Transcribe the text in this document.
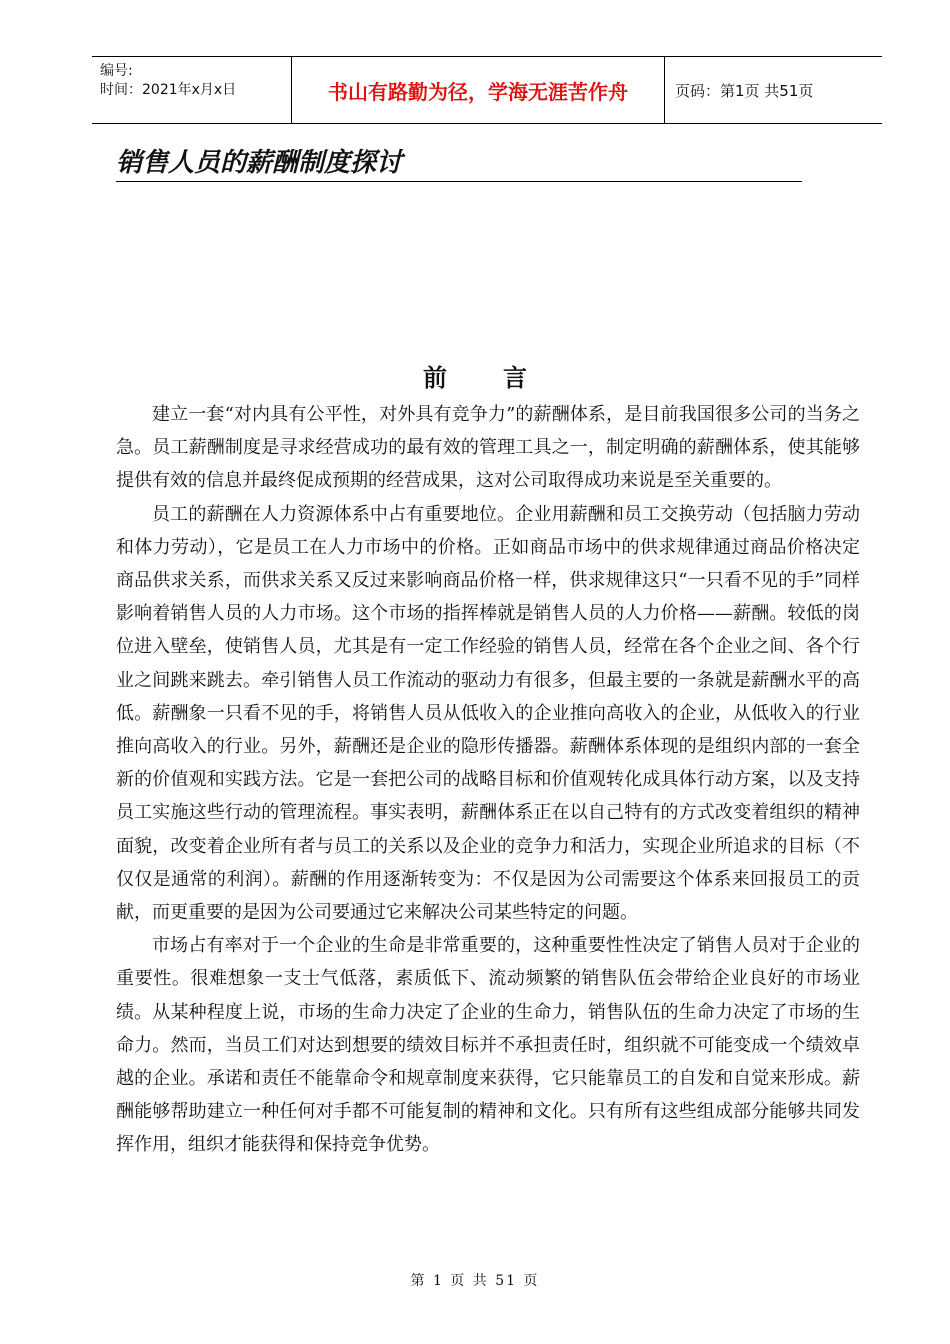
编号:
时间：2021年x月x日	书山有路勤为径，学海无涯苦作舟	页码：第1页 共51页
销售人员的薪酬制度探讨
前言

建立一套“对内具有公平性，对外具有竞争力”的薪酬体系，是目前我国很多公司的当务之急。员工薪酬制度是寻求经营成功的最有效的管理工具之一，制定明确的薪酬体系，使其能够提供有效的信息并最终促成预期的经营成果，这对公司取得成功来说是至关重要的。

员工的薪酬在人力资源体系中占有重要地位。企业用薪酬和员工交换劳动（包括脑力劳动和体力劳动），它是员工在人力市场中的价格。正如商品市场中的供求规律通过商品价格决定商品供求关系，而供求关系又反过来影响商品价格一样，供求规律这只“一只看不见的手”同样影响着销售人员的人力市场。这个市场的指挥棒就是销售人员的人力价格——薪酬。较低的岗位进入壁垒，使销售人员，尤其是有一定工作经验的销售人员，经常在各个企业之间、各个行业之间跳来跳去。牵引销售人员工作流动的驱动力有很多，但最主要的一条就是薪酬水平的高低。薪酬象一只看不见的手，将销售人员从低收入的企业推向高收入的企业，从低收入的行业推向高收入的行业。另外，薪酬还是企业的隐形传播器。薪酬体系体现的是组织内部的一套全新的价值观和实践方法。它是一套把公司的战略目标和价值观转化成具体行动方案，以及支持员工实施这些行动的管理流程。事实表明，薪酬体系正在以自己特有的方式改变着组织的精神面貌，改变着企业所有者与员工的关系以及企业的竞争力和活力，实现企业所追求的目标（不仅仅是通常的利润）。薪酬的作用逐渐转变为：不仅是因为公司需要这个体系来回报员工的贡献，而更重要的是因为公司要通过它来解决公司某些特定的问题。

市场占有率对于一个企业的生命是非常重要的，这种重要性性决定了销售人员对于企业的重要性。很难想象一支士气低落，素质低下、流动频繁的销售队伍会带给企业良好的市场业绩。从某种程度上说，市场的生命力决定了企业的生命力，销售队伍的生命力决定了市场的生命力。然而，当员工们对达到想要的绩效目标并不承担责任时，组织就不可能变成一个绩效卓越的企业。承诺和责任不能靠命令和规章制度来获得，它只能靠员工的自发和自觉来形成。薪酬能够帮助建立一种任何对手都不可能复制的精神和文化。只有所有这些组成部分能够共同发挥作用，组织才能获得和保持竞争优势。

第 1 页 共 51 页
